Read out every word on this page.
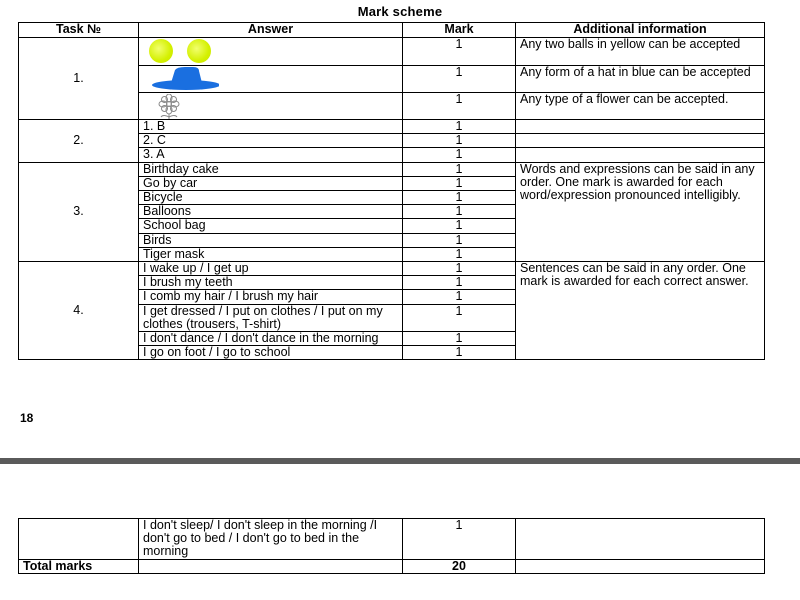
Mark scheme
Task №	Answer	Mark	Additional information
1.		1	Any two balls in yellow can be accepted

	1	Any form of a hat in blue can be accepted

	1	Any type of a flower can be accepted.
2.	1. B	1	
	2. C	1	
	3. A	1	
3.	Birthday cake	1	Words and expressions can be said in any order. One mark is awarded for each word/expression pronounced intelligibly.
	Go by car	1	
	Bicycle	1	
	Balloons	1	
	School bag	1	
	Birds	1	
	Tiger mask	1	
4.	I wake up / I get up	1	Sentences can be said in any order. One mark is awarded for each correct answer.
	I brush my teeth	1	
	I comb my hair / I brush my hair	1	
	I get dressed / I put on clothes / I put on my clothes (trousers, T-shirt)	1	
	I don't dance / I don't dance in the morning	1	
	I go on foot / I go to school	1	
18
	I don't sleep/ I don't sleep in the morning /I don't go to bed / I don't go to bed in the morning	1	
Total marks		20	
